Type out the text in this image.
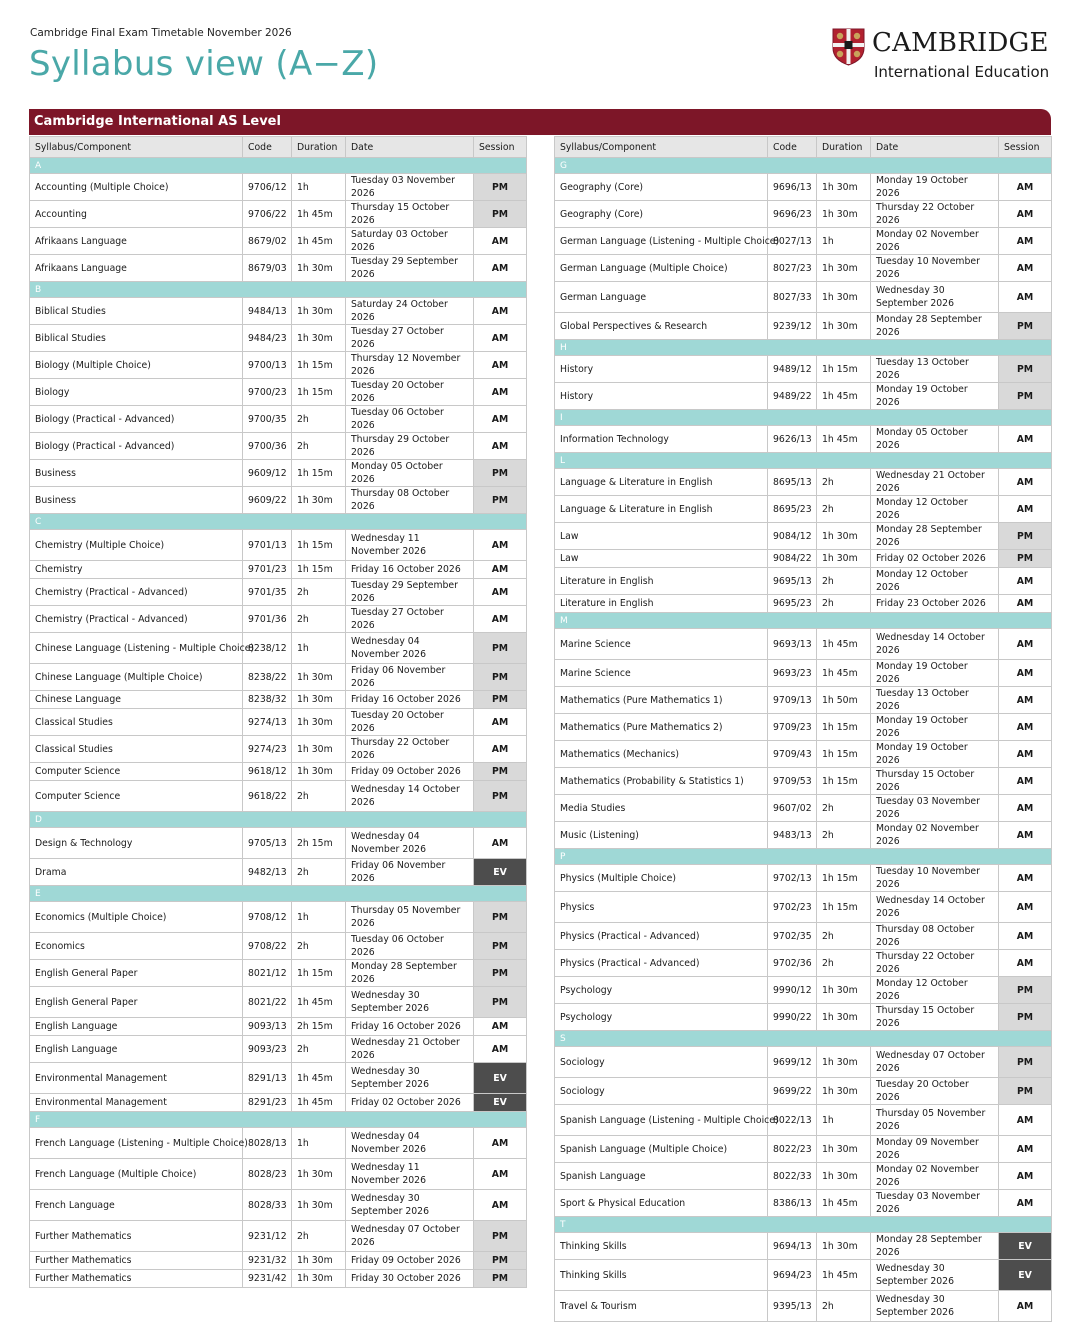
Cambridge Final Exam Timetable November 2026
Syllabus view (A−Z)
CAMBRIDGE
International Education
Cambridge International AS Level
Syllabus/Component	Code	Duration	Date	Session
A				
Accounting (Multiple Choice)	9706/12	1h	Tuesday 03 November 2026	PM
Accounting	9706/22	1h 45m	Thursday 15 October 2026	PM
Afrikaans Language	8679/02	1h 45m	Saturday 03 October 2026	AM
Afrikaans Language	8679/03	1h 30m	Tuesday 29 September 2026	AM
B				
Biblical Studies	9484/13	1h 30m	Saturday 24 October 2026	AM
Biblical Studies	9484/23	1h 30m	Tuesday 27 October 2026	AM
Biology (Multiple Choice)	9700/13	1h 15m	Thursday 12 November 2026	AM
Biology	9700/23	1h 15m	Tuesday 20 October 2026	AM
Biology (Practical - Advanced)	9700/35	2h	Tuesday 06 October 2026	AM
Biology (Practical - Advanced)	9700/36	2h	Thursday 29 October 2026	AM
Business	9609/12	1h 15m	Monday 05 October 2026	PM
Business	9609/22	1h 30m	Thursday 08 October 2026	PM
C				
Chemistry (Multiple Choice)	9701/13	1h 15m	Wednesday 11 November 2026	AM
Chemistry	9701/23	1h 15m	Friday 16 October 2026	AM
Chemistry (Practical - Advanced)	9701/35	2h	Tuesday 29 September 2026	AM
Chemistry (Practical - Advanced)	9701/36	2h	Tuesday 27 October 2026	AM
Chinese Language (Listening - Multiple Choice)	8238/12	1h	Wednesday 04 November 2026	PM
Chinese Language (Multiple Choice)	8238/22	1h 30m	Friday 06 November 2026	PM
Chinese Language	8238/32	1h 30m	Friday 16 October 2026	PM
Classical Studies	9274/13	1h 30m	Tuesday 20 October 2026	AM
Classical Studies	9274/23	1h 30m	Thursday 22 October 2026	AM
Computer Science	9618/12	1h 30m	Friday 09 October 2026	PM
Computer Science	9618/22	2h	Wednesday 14 October 2026	PM
D				
Design & Technology	9705/13	2h 15m	Wednesday 04 November 2026	AM
Drama	9482/13	2h	Friday 06 November 2026	EV
E				
Economics (Multiple Choice)	9708/12	1h	Thursday 05 November 2026	PM
Economics	9708/22	2h	Tuesday 06 October 2026	PM
English General Paper	8021/12	1h 15m	Monday 28 September 2026	PM
English General Paper	8021/22	1h 45m	Wednesday 30 September 2026	PM
English Language	9093/13	2h 15m	Friday 16 October 2026	AM
English Language	9093/23	2h	Wednesday 21 October 2026	AM
Environmental Management	8291/13	1h 45m	Wednesday 30 September 2026	EV
Environmental Management	8291/23	1h 45m	Friday 02 October 2026	EV
F				
French Language (Listening - Multiple Choice)	8028/13	1h	Wednesday 04 November 2026	AM
French Language (Multiple Choice)	8028/23	1h 30m	Wednesday 11 November 2026	AM
French Language	8028/33	1h 30m	Wednesday 30 September 2026	AM
Further Mathematics	9231/12	2h	Wednesday 07 October 2026	PM
Further Mathematics	9231/32	1h 30m	Friday 09 October 2026	PM
Further Mathematics	9231/42	1h 30m	Friday 30 October 2026	PM
Syllabus/Component	Code	Duration	Date	Session
G				
Geography (Core)	9696/13	1h 30m	Monday 19 October 2026	AM
Geography (Core)	9696/23	1h 30m	Thursday 22 October 2026	AM
German Language (Listening - Multiple Choice)	8027/13	1h	Monday 02 November 2026	AM
German Language (Multiple Choice)	8027/23	1h 30m	Tuesday 10 November 2026	AM
German Language	8027/33	1h 30m	Wednesday 30 September 2026	AM
Global Perspectives & Research	9239/12	1h 30m	Monday 28 September 2026	PM
H				
History	9489/12	1h 15m	Tuesday 13 October 2026	PM
History	9489/22	1h 45m	Monday 19 October 2026	PM
I				
Information Technology	9626/13	1h 45m	Monday 05 October 2026	AM
L				
Language & Literature in English	8695/13	2h	Wednesday 21 October 2026	AM
Language & Literature in English	8695/23	2h	Monday 12 October 2026	AM
Law	9084/12	1h 30m	Monday 28 September 2026	PM
Law	9084/22	1h 30m	Friday 02 October 2026	PM
Literature in English	9695/13	2h	Monday 12 October 2026	AM
Literature in English	9695/23	2h	Friday 23 October 2026	AM
M				
Marine Science	9693/13	1h 45m	Wednesday 14 October 2026	AM
Marine Science	9693/23	1h 45m	Monday 19 October 2026	AM
Mathematics (Pure Mathematics 1)	9709/13	1h 50m	Tuesday 13 October 2026	AM
Mathematics (Pure Mathematics 2)	9709/23	1h 15m	Monday 19 October 2026	AM
Mathematics (Mechanics)	9709/43	1h 15m	Monday 19 October 2026	AM
Mathematics (Probability & Statistics 1)	9709/53	1h 15m	Thursday 15 October 2026	AM
Media Studies	9607/02	2h	Tuesday 03 November 2026	AM
Music (Listening)	9483/13	2h	Monday 02 November 2026	AM
P				
Physics (Multiple Choice)	9702/13	1h 15m	Tuesday 10 November 2026	AM
Physics	9702/23	1h 15m	Wednesday 14 October 2026	AM
Physics (Practical - Advanced)	9702/35	2h	Thursday 08 October 2026	AM
Physics (Practical - Advanced)	9702/36	2h	Thursday 22 October 2026	AM
Psychology	9990/12	1h 30m	Monday 12 October 2026	PM
Psychology	9990/22	1h 30m	Thursday 15 October 2026	PM
S				
Sociology	9699/12	1h 30m	Wednesday 07 October 2026	PM
Sociology	9699/22	1h 30m	Tuesday 20 October 2026	PM
Spanish Language (Listening - Multiple Choice)	8022/13	1h	Thursday 05 November 2026	AM
Spanish Language (Multiple Choice)	8022/23	1h 30m	Monday 09 November 2026	AM
Spanish Language	8022/33	1h 30m	Monday 02 November 2026	AM
Sport & Physical Education	8386/13	1h 45m	Tuesday 03 November 2026	AM
T				
Thinking Skills	9694/13	1h 30m	Monday 28 September 2026	EV
Thinking Skills	9694/23	1h 45m	Wednesday 30 September 2026	EV
Travel & Tourism	9395/13	2h	Wednesday 30 September 2026	AM
